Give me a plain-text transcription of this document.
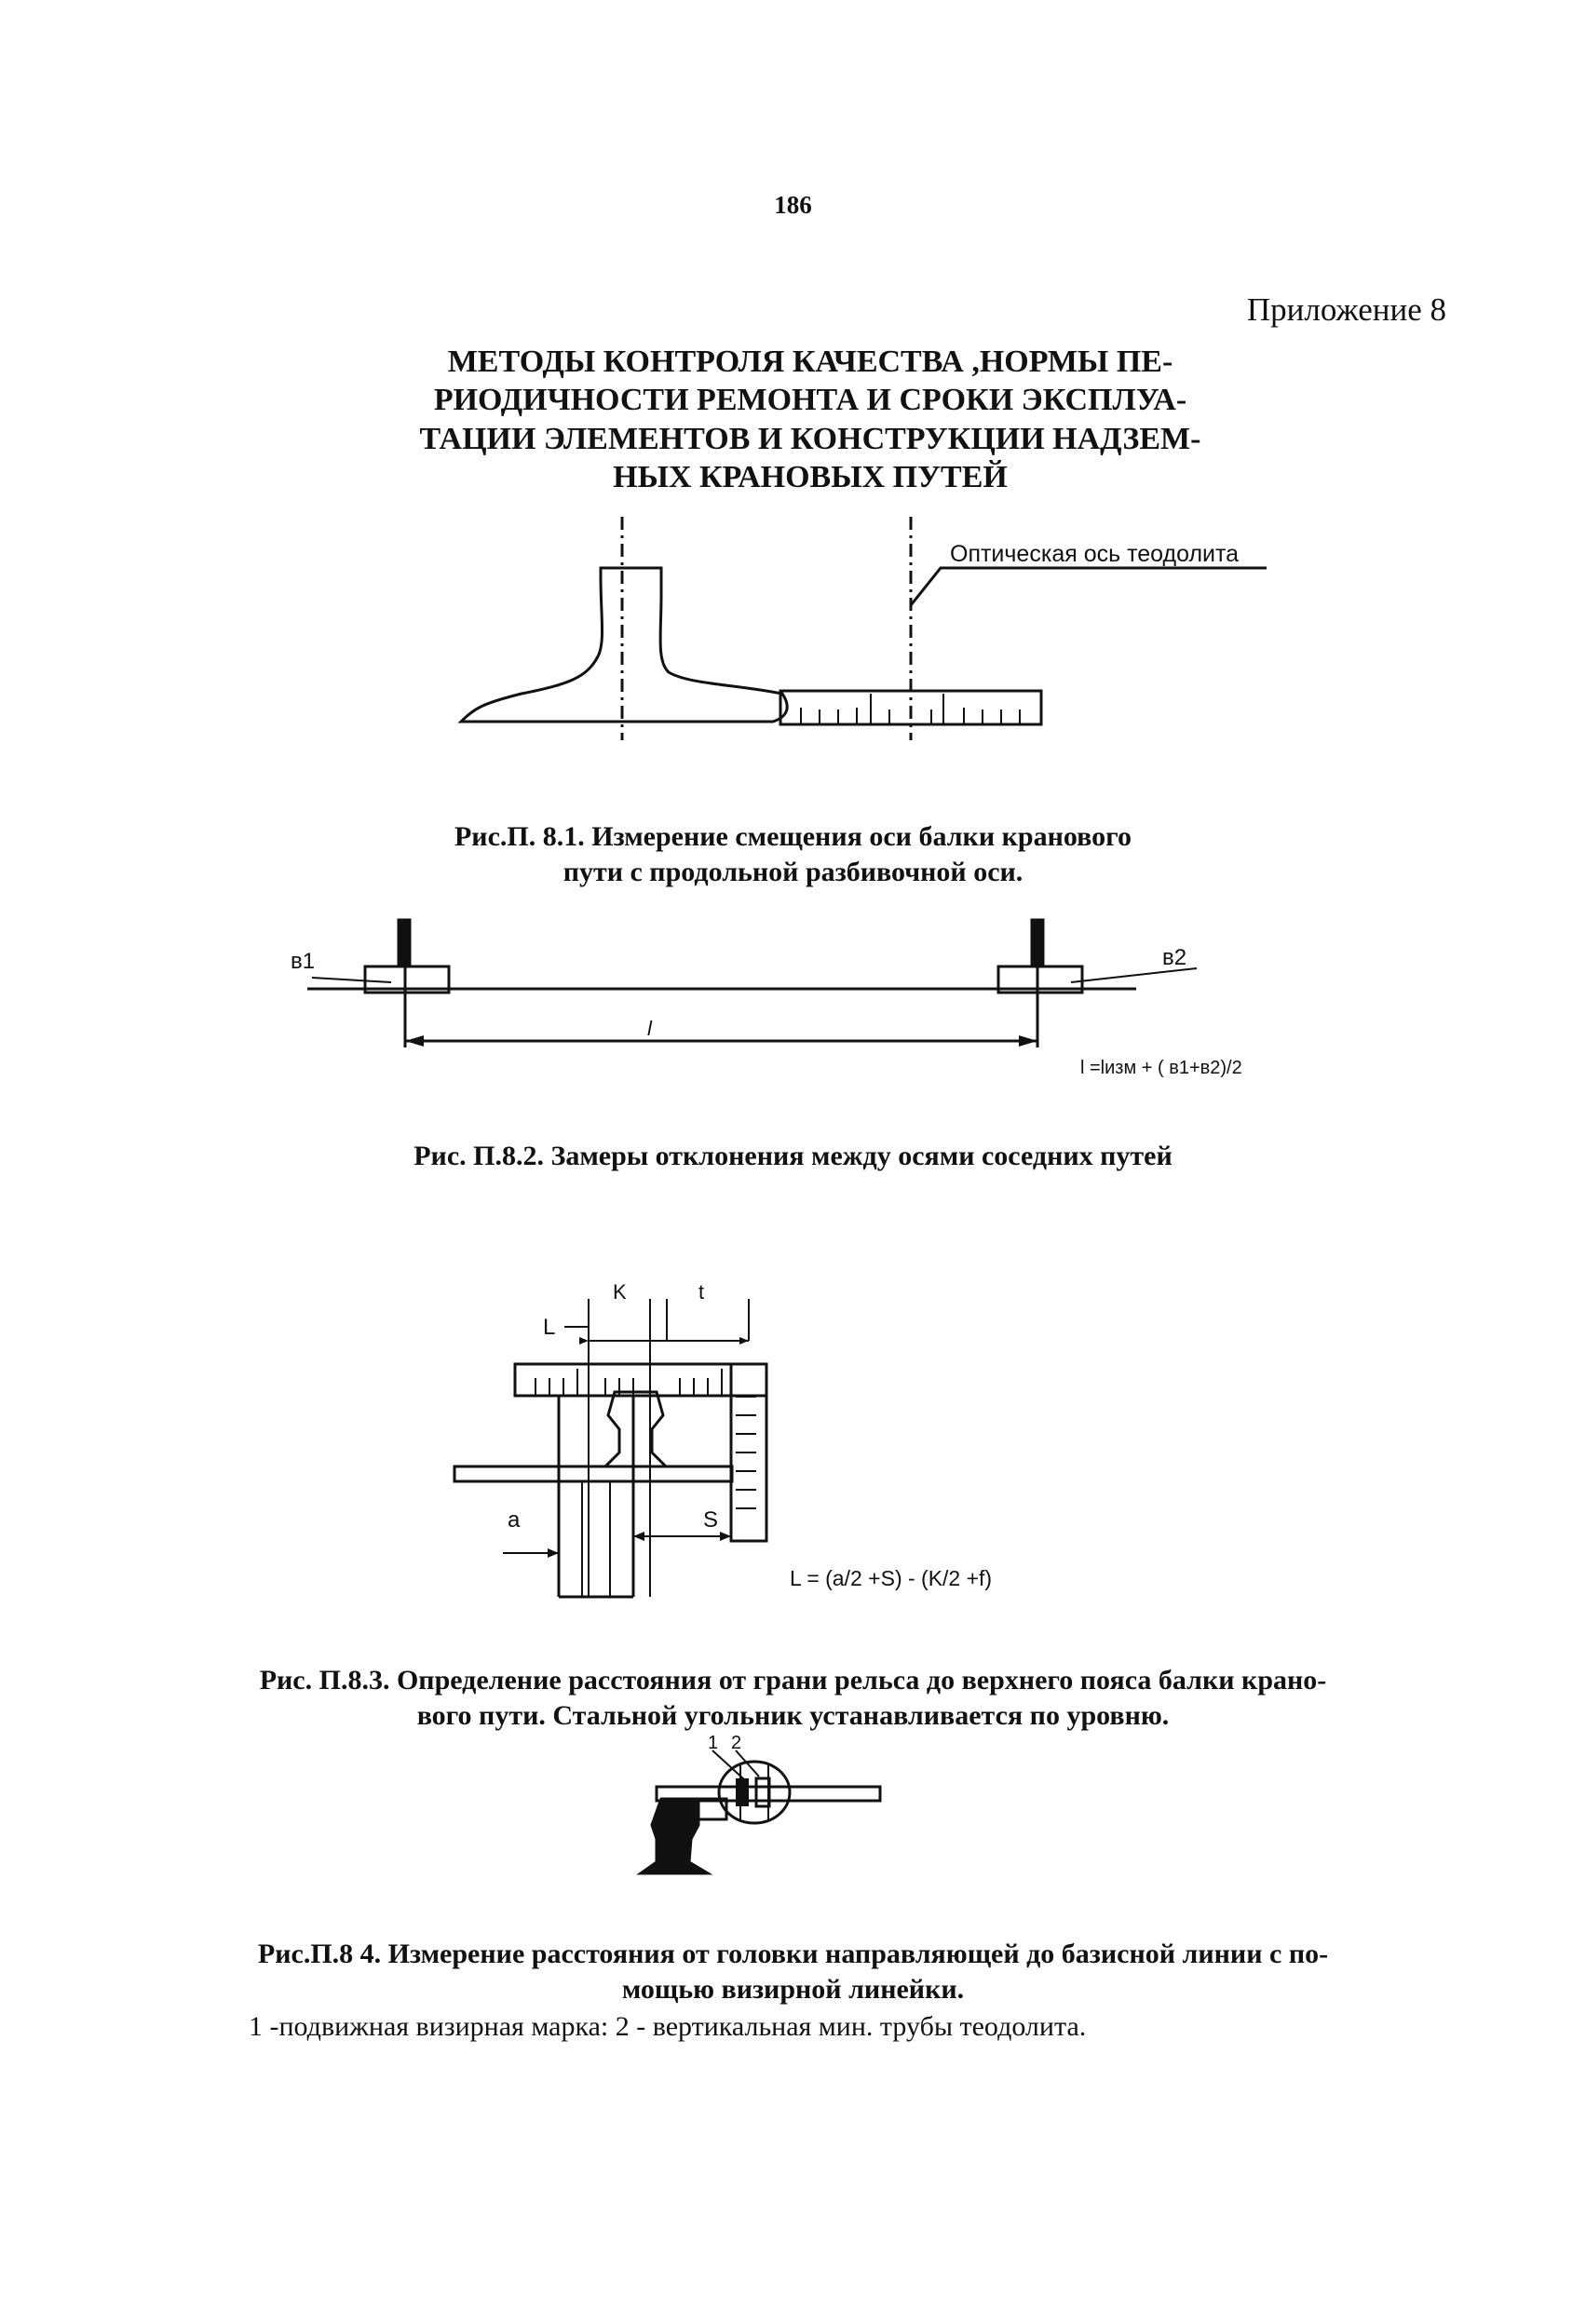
186
Приложение 8
МЕТОДЫ КОНТРОЛЯ КАЧЕСТВА ,НОРМЫ ПЕ-
РИОДИЧНОСТИ РЕМОНТА И СРОКИ ЭКСПЛУА-
ТАЦИИ ЭЛЕМЕНТОВ И КОНСТРУКЦИИ НАДЗЕМ-
НЫХ КРАНОВЫХ ПУТЕЙ
Оптическая ось теодолита
в1	в2
l
l =lизм + ( в1+в2)/2
K	t
L
a	S
L = (a/2 +S) - (K/2 +f)
1 2
Рис.П. 8.1. Измерение смещения оси балки кранового
пути с продольной разбивочной оси.
Рис. П.8.2. Замеры отклонения между осями соседних путей
Рис. П.8.3. Определение расстояния от грани рельса до верхнего пояса балки крано-
вого пути. Стальной угольник устанавливается по уровню.
Рис.П.8 4. Измерение расстояния от головки направляющей до базисной линии с по-
мощью визирной линейки.
1 -подвижная визирная марка: 2 - вертикальная мин. трубы теодолита.
